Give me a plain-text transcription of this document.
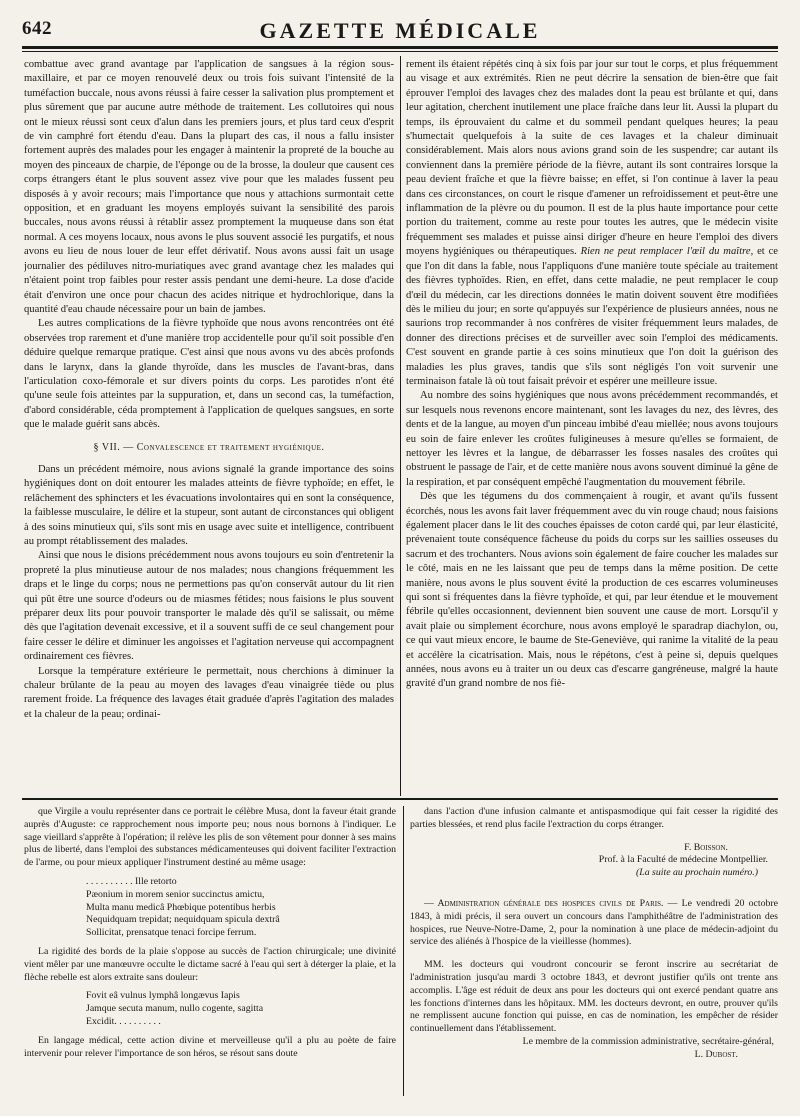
642	GAZETTE MÉDICALE

combattue avec grand avantage par l'application de sangsues à la région sous-maxillaire, et par ce moyen renouvelé deux ou trois fois suivant l'intensité de la tuméfaction buccale, nous avons réussi à faire cesser la salivation plus promptement et plus sûrement que par aucune autre méthode de traitement. Les collutoires qui nous ont le mieux réussi sont ceux d'alun dans les premiers jours, et plus tard ceux d'esprit de vin camphré fort étendu d'eau. Dans la plupart des cas, il nous a fallu insister fortement auprès des malades pour les engager à maintenir la propreté de la bouche au moyen des pinceaux de charpie, de l'éponge ou de la brosse, la douleur que causent ces corps étrangers étant le plus souvent assez vive pour que les malades fussent peu disposés à y avoir recours; mais l'importance que nous y attachions surmontait cette opposition, et en graduant les moyens employés suivant la sensibilité des parois buccales, nous avons réussi à rétablir assez promptement la muqueuse dans son état normal. A ces moyens locaux, nous avons le plus souvent associé les purgatifs, et nous avons eu lieu de nous louer de leur effet dérivatif. Nous avons aussi fait un usage journalier des pédiluves nitro-muriatiques avec grand avantage chez les malades qui n'étaient point trop faibles pour rester assis pendant une demi-heure. La dose d'acide était d'environ une once pour chacun des acides nitrique et hydrochlorique, dans la quantité d'eau chaude nécessaire pour un bain de jambes.

Les autres complications de la fièvre typhoïde que nous avons rencontrées ont été observées trop rarement et d'une manière trop accidentelle pour qu'il soit possible d'en déduire quelque remarque pratique. C'est ainsi que nous avons vu des abcès profonds dans le larynx, dans la glande thyroïde, dans les muscles de l'avant-bras, dans l'articulation coxo-fémorale et sur divers points du corps. Les parotides n'ont été qu'une seule fois atteintes par la suppuration, et, dans un second cas, la tuméfaction, d'abord considérable, céda promptement à l'application de quelques sangsues, en sorte que le malade guérit sans abcès.

§ VII. — Convalescence et traitement hygiénique.

Dans un précédent mémoire, nous avions signalé la grande importance des soins hygiéniques dont on doit entourer les malades atteints de fièvre typhoïde; en effet, le relâchement des sphincters et les évacuations involontaires qui en sont la conséquence, la faiblesse musculaire, le délire et la stupeur, sont autant de circonstances qui obligent à des soins minutieux qui, s'ils sont mis en usage avec suite et intelligence, contribuent au prompt rétablissement des malades.

Ainsi que nous le disions précédemment nous avons toujours eu soin d'entretenir la propreté la plus minutieuse autour de nos malades; nous changions fréquemment les draps et le linge du corps; nous ne permettions pas qu'on conservât autour du lit rien qui pût être une source d'odeurs ou de miasmes fétides; nous faisions le plus souvent préparer deux lits pour pouvoir transporter le malade dès qu'il se salissait, ou même dès que l'agitation devenait excessive, et il a souvent suffi de ce seul changement pour faire cesser le délire et diminuer les angoisses et l'agitation nerveuse qui accompagnent ordinairement ces fièvres.

Lorsque la température extérieure le permettait, nous cherchions à diminuer la chaleur brûlante de la peau au moyen des lavages d'eau vinaigrée tiède ou plus rarement froide. La fréquence des lavages était graduée d'après l'agitation des malades et la chaleur de la peau; ordinai-

rement ils étaient répétés cinq à six fois par jour sur tout le corps, et plus fréquemment au visage et aux extrémités. Rien ne peut décrire la sensation de bien-être que fait éprouver l'emploi des lavages chez des malades dont la peau est brûlante et qui, dans leur agitation, cherchent inutilement une place fraîche dans leur lit. Aussi la plupart du temps, ils éprouvaient du calme et du sommeil pendant quelques heures; la peau s'humectait quelquefois à la suite de ces lavages et la chaleur diminuait considérablement. Mais alors nous avions grand soin de les suspendre; car autant ils conviennent dans la première période de la fièvre, autant ils sont contraires lorsque la peau devient fraîche et que la fièvre baisse; en effet, si l'on continue à laver la peau dans ces circonstances, on court le risque d'amener un refroidissement et peut-être une inflammation de la plèvre ou du poumon. Il est de la plus haute importance pour cette portion du traitement, comme au reste pour toutes les autres, que le médecin visite fréquemment ses malades et puisse ainsi diriger d'heure en heure l'emploi des divers moyens hygiéniques ou thérapeutiques. Rien ne peut remplacer l'œil du maître, et ce que l'on dit dans la fable, nous l'appliquons d'une manière toute spéciale au traitement des fièvres typhoïdes. Rien, en effet, dans cette maladie, ne peut remplacer le coup d'œil du médecin, car les directions données le matin doivent souvent être modifiées dès le milieu du jour; en sorte qu'appuyés sur l'expérience de plusieurs années, nous ne saurions trop recommander à nos confrères de visiter fréquemment leurs malades, de donner des directions précises et de surveiller avec soin l'emploi des médicaments. C'est souvent en grande partie à ces soins minutieux que l'on doit la guérison des maladies les plus graves, tandis que s'ils sont négligés l'on voit survenir une terminaison fatale là où tout faisait prévoir et espérer une meilleure issue.

Au nombre des soins hygiéniques que nous avons précédemment recommandés, et sur lesquels nous revenons encore maintenant, sont les lavages du nez, des lèvres, des dents et de la langue, au moyen d'un pinceau imbibé d'eau miellée; nous avons toujours eu soin de faire enlever les croûtes fuligineuses à mesure qu'elles se formaient, de nettoyer les lèvres et la langue, de débarrasser les fosses nasales des croûtes qui obstruent le passage de l'air, et de cette manière nous avons souvent diminué la gêne de la respiration, et par conséquent empêché l'augmentation du mouvement fébrile.

Dès que les tégumens du dos commençaient à rougir, et avant qu'ils fussent écorchés, nous les avons fait laver fréquemment avec du vin rouge chaud; nous faisions également placer dans le lit des couches épaisses de coton cardé qui, par leur élasticité, prévenaient toute conséquence fâcheuse du poids du corps sur les saillies osseuses du sacrum et des trochanters. Nous avions soin également de faire coucher les malades sur le côté, mais en ne les laissant que peu de temps dans la même position. De cette manière, nous avons le plus souvent évité la production de ces escarres volumineuses qui sont si fréquentes dans la fièvre typhoïde, et qui, par leur étendue et le mouvement fébrile qu'elles occasionnent, deviennent bien souvent une cause de mort. Lorsqu'il y avait plaie ou simplement écorchure, nous avons employé le sparadrap diachylon, ou, ce qui vaut mieux encore, le baume de Ste-Geneviève, qui ranime la vitalité de la peau et accélère la cicatrisation. Mais, nous le répétons, c'est à peine si, depuis quelques années, nous avons eu à traiter un ou deux cas d'escarre gangréneuse, malgré la haute gravité d'un grand nombre de nos fiè-

que Virgile a voulu représenter dans ce portrait le célèbre Musa, dont la faveur était grande auprès d'Auguste: ce rapprochement nous importe peu; nous nous bornons à l'indiquer. Le sage vieillard s'apprête à l'opération; il relève les plis de son vêtement pour donner à ses mains plus de liberté, dans l'emploi des substances médicamenteuses qui doivent faciliter l'extraction de l'arme, ou pour mieux appliquer l'instrument destiné au même usage:

. . . . . . . . . . Ille retorto
Pæonium in morem senior succinctus amictu,
Multa manu medicâ Phœbique potentibus herbis
Nequidquam trepidat; nequidquam spicula dextrâ
Sollicitat, prensatque tenaci forcipe ferrum.

La rigidité des bords de la plaie s'oppose au succès de l'action chirurgicale; une divinité vient mêler par une manœuvre occulte le dictame sacré à l'eau qui sert à déterger la plaie, et la flèche rebelle est alors extraite sans douleur:

Fovit eâ vulnus lymphâ longævus Iapis
Jamque secuta manum, nullo cogente, sagitta
Excidit. . . . . . . . . .

En langage médical, cette action divine et merveilleuse qu'il a plu au poète de faire intervenir pour relever l'importance de son héros, se résout sans doute

dans l'action d'une infusion calmante et antispasmodique qui fait cesser la rigidité des parties blessées, et rend plus facile l'extraction du corps étranger.

F. Boisson.
Prof. à la Faculté de médecine Montpellier.
(La suite au prochain numéro.)

— Administration générale des hospices civils de Paris. — Le vendredi 20 octobre 1843, à midi précis, il sera ouvert un concours dans l'amphithéâtre de l'administration des hospices, rue Neuve-Notre-Dame, 2, pour la nomination à une place de médecin-adjoint du service des aliénés à l'hospice de la vieillesse (hommes).

MM. les docteurs qui voudront concourir se feront inscrire au secrétariat de l'administration jusqu'au mardi 3 octobre 1843, et devront justifier qu'ils ont trente ans accomplis. L'âge est réduit de deux ans pour les docteurs qui ont exercé pendant quatre ans les fonctions d'internes dans les hôpitaux. MM. les docteurs devront, en outre, prouver qu'ils ne remplissent aucune fonction qui puisse, en cas de nomination, les empêcher de résider continuellement dans l'établissement.

Le membre de la commission administrative, secrétaire-général,
L. Dubost.
